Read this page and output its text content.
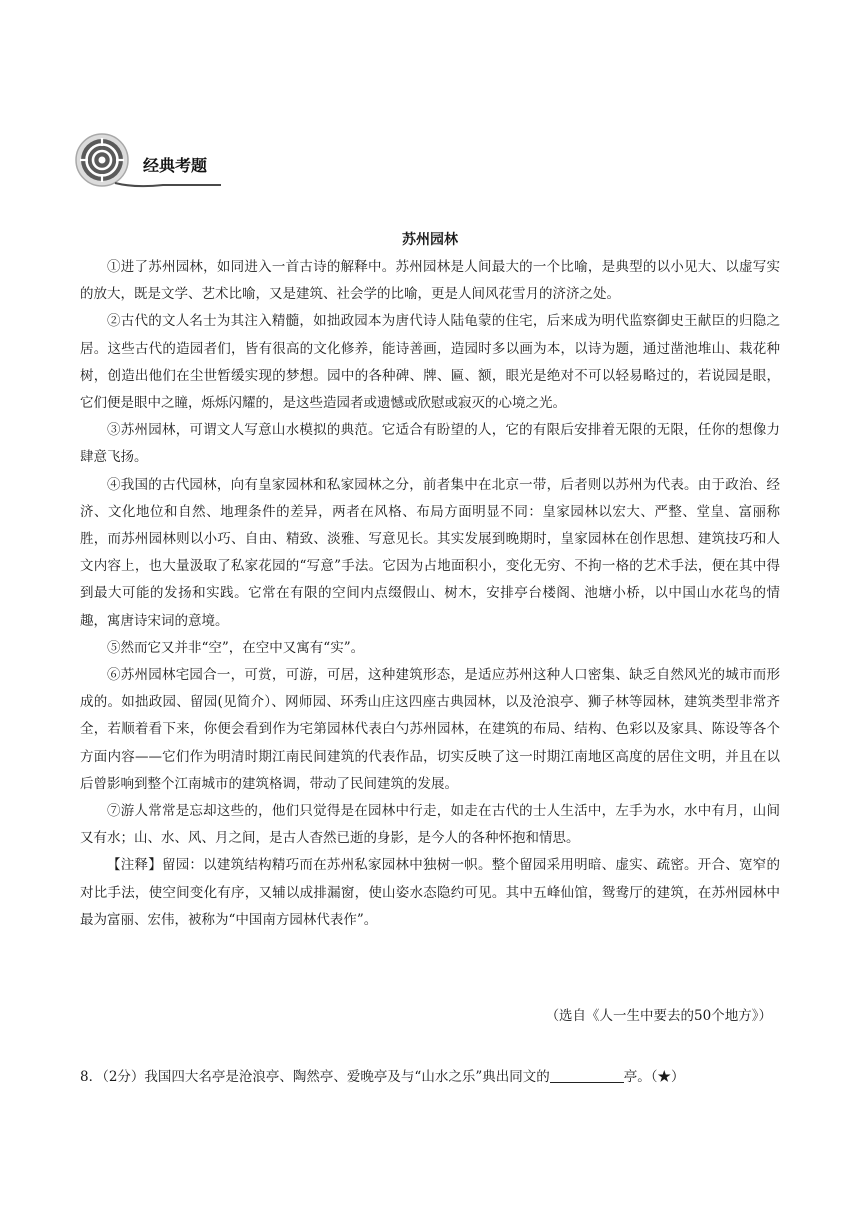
经典考题
苏州园林

①进了苏州园林，如同进入一首古诗的解释中。苏州园林是人间最大的一个比喻，是典型的以小见大、以虚写实的放大，既是文学、艺术比喻，又是建筑、社会学的比喻，更是人间风花雪月的济济之处。

②古代的文人名士为其注入精髓，如拙政园本为唐代诗人陆龟蒙的住宅，后来成为明代监察御史王献臣的归隐之居。这些古代的造园者们，皆有很高的文化修养，能诗善画，造园时多以画为本，以诗为题，通过凿池堆山、栽花种树，创造出他们在尘世暂缓实现的梦想。园中的各种碑、牌、匾、额，眼光是绝对不可以轻易略过的，若说园是眼，它们便是眼中之瞳，烁烁闪耀的，是这些造园者或遗憾或欣慰或寂灭的心境之光。

③苏州园林，可谓文人写意山水模拟的典范。它适合有盼望的人，它的有限后安排着无限的无限，任你的想像力肆意飞扬。

④我国的古代园林，向有皇家园林和私家园林之分，前者集中在北京一带，后者则以苏州为代表。由于政治、经济、文化地位和自然、地理条件的差异，两者在风格、布局方面明显不同：皇家园林以宏大、严整、堂皇、富丽称胜，而苏州园林则以小巧、自由、精致、淡雅、写意见长。其实发展到晚期时，皇家园林在创作思想、建筑技巧和人文内容上，也大量汲取了私家花园的“写意”手法。它因为占地面积小，变化无穷、不拘一格的艺术手法，便在其中得到最大可能的发扬和实践。它常在有限的空间内点缀假山、树木，安排亭台楼阁、池塘小桥，以中国山水花鸟的情趣，寓唐诗宋词的意境。

⑤然而它又并非“空”，在空中又寓有“实”。

⑥苏州园林宅园合一，可赏，可游，可居，这种建筑形态，是适应苏州这种人口密集、缺乏自然风光的城市而形成的。如拙政园、留园(见简介）、网师园、环秀山庄这四座古典园林，以及沧浪亭、狮子林等园林，建筑类型非常齐全，若顺着看下来，你便会看到作为宅第园林代表白勺苏州园林，在建筑的布局、结构、色彩以及家具、陈设等各个方面内容——它们作为明清时期江南民间建筑的代表作品，切实反映了这一时期江南地区高度的居住文明，并且在以后曾影响到整个江南城市的建筑格调，带动了民间建筑的发展。

⑦游人常常是忘却这些的，他们只觉得是在园林中行走，如走在古代的士人生活中，左手为水，水中有月，山间又有水；山、水、风、月之间，是古人杳然已逝的身影，是今人的各种怀抱和情思。

【注释】留园：以建筑结构精巧而在苏州私家园林中独树一帜。整个留园采用明暗、虚实、疏密。开合、宽窄的对比手法，使空间变化有序，又辅以成排漏窗，使山姿水态隐约可见。其中五峰仙馆，鸳鸯厅的建筑，在苏州园林中最为富丽、宏伟，被称为“中国南方园林代表作”。

（选自《人一生中要去的50个地方》）
8．（2分）我国四大名亭是沧浪亭、陶然亭、爱晚亭及与“山水之乐”典出同文的	亭。（★）
